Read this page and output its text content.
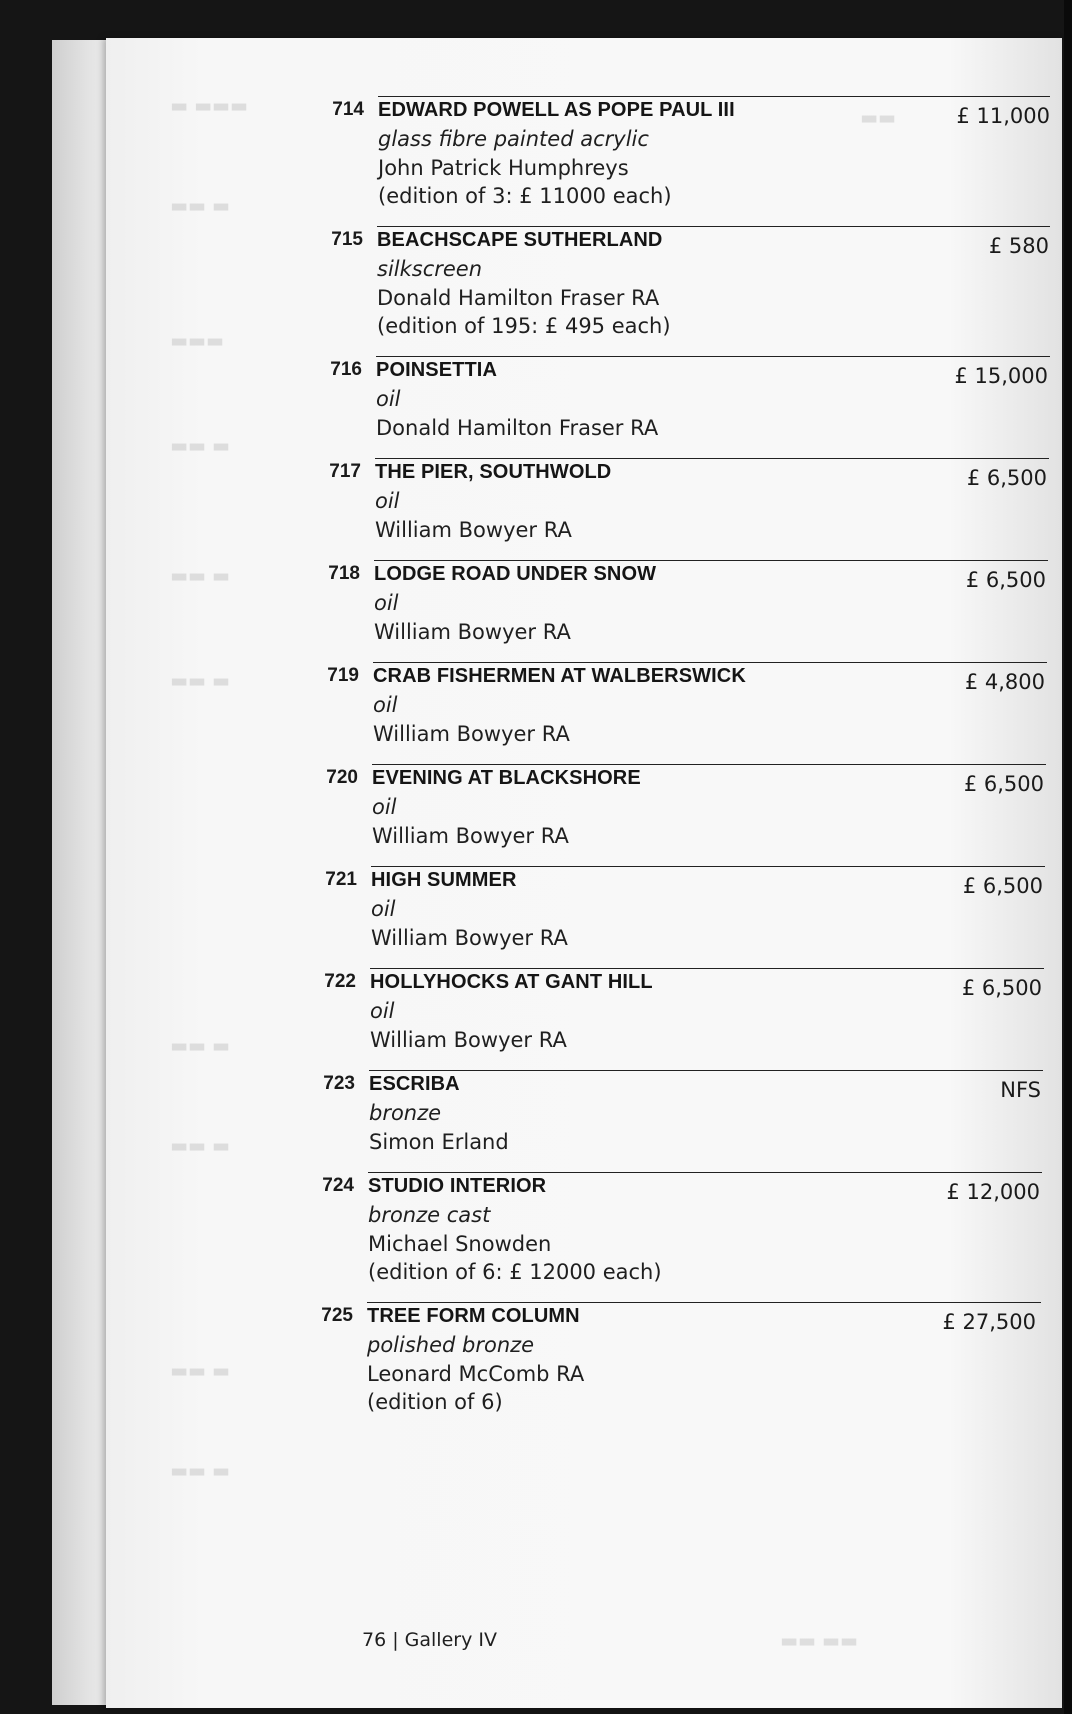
▬▬▬ ▬
▬▬
▬ ▬▬
▬▬▬
▬ ▬▬
▬ ▬▬
▬ ▬▬
▬ ▬▬
▬ ▬▬
▬ ▬▬
▬ ▬▬
▬▬ ▬▬
714 EDWARD POWELL AS POPE PAUL III
glass fibre painted acrylic
John Patrick Humphreys
(edition of 3: £ 11000 each)
£ 11,000
715 BEACHSCAPE SUTHERLAND
silkscreen
Donald Hamilton Fraser RA
(edition of 195: £ 495 each)
£ 580
716 POINSETTIA
oil
Donald Hamilton Fraser RA
£ 15,000
717 THE PIER, SOUTHWOLD
oil
William Bowyer RA
£ 6,500
718 LODGE ROAD UNDER SNOW
oil
William Bowyer RA
£ 6,500
719 CRAB FISHERMEN AT WALBERSWICK
oil
William Bowyer RA
£ 4,800
720 EVENING AT BLACKSHORE
oil
William Bowyer RA
£ 6,500
721 HIGH SUMMER
oil
William Bowyer RA
£ 6,500
722 HOLLYHOCKS AT GANT HILL
oil
William Bowyer RA
£ 6,500
723 ESCRIBA
bronze
Simon Erland
NFS
724 STUDIO INTERIOR
bronze cast
Michael Snowden
(edition of 6: £ 12000 each)
£ 12,000
725 TREE FORM COLUMN
polished bronze
Leonard McComb RA
(edition of 6)
£ 27,500
76 | Gallery IV
